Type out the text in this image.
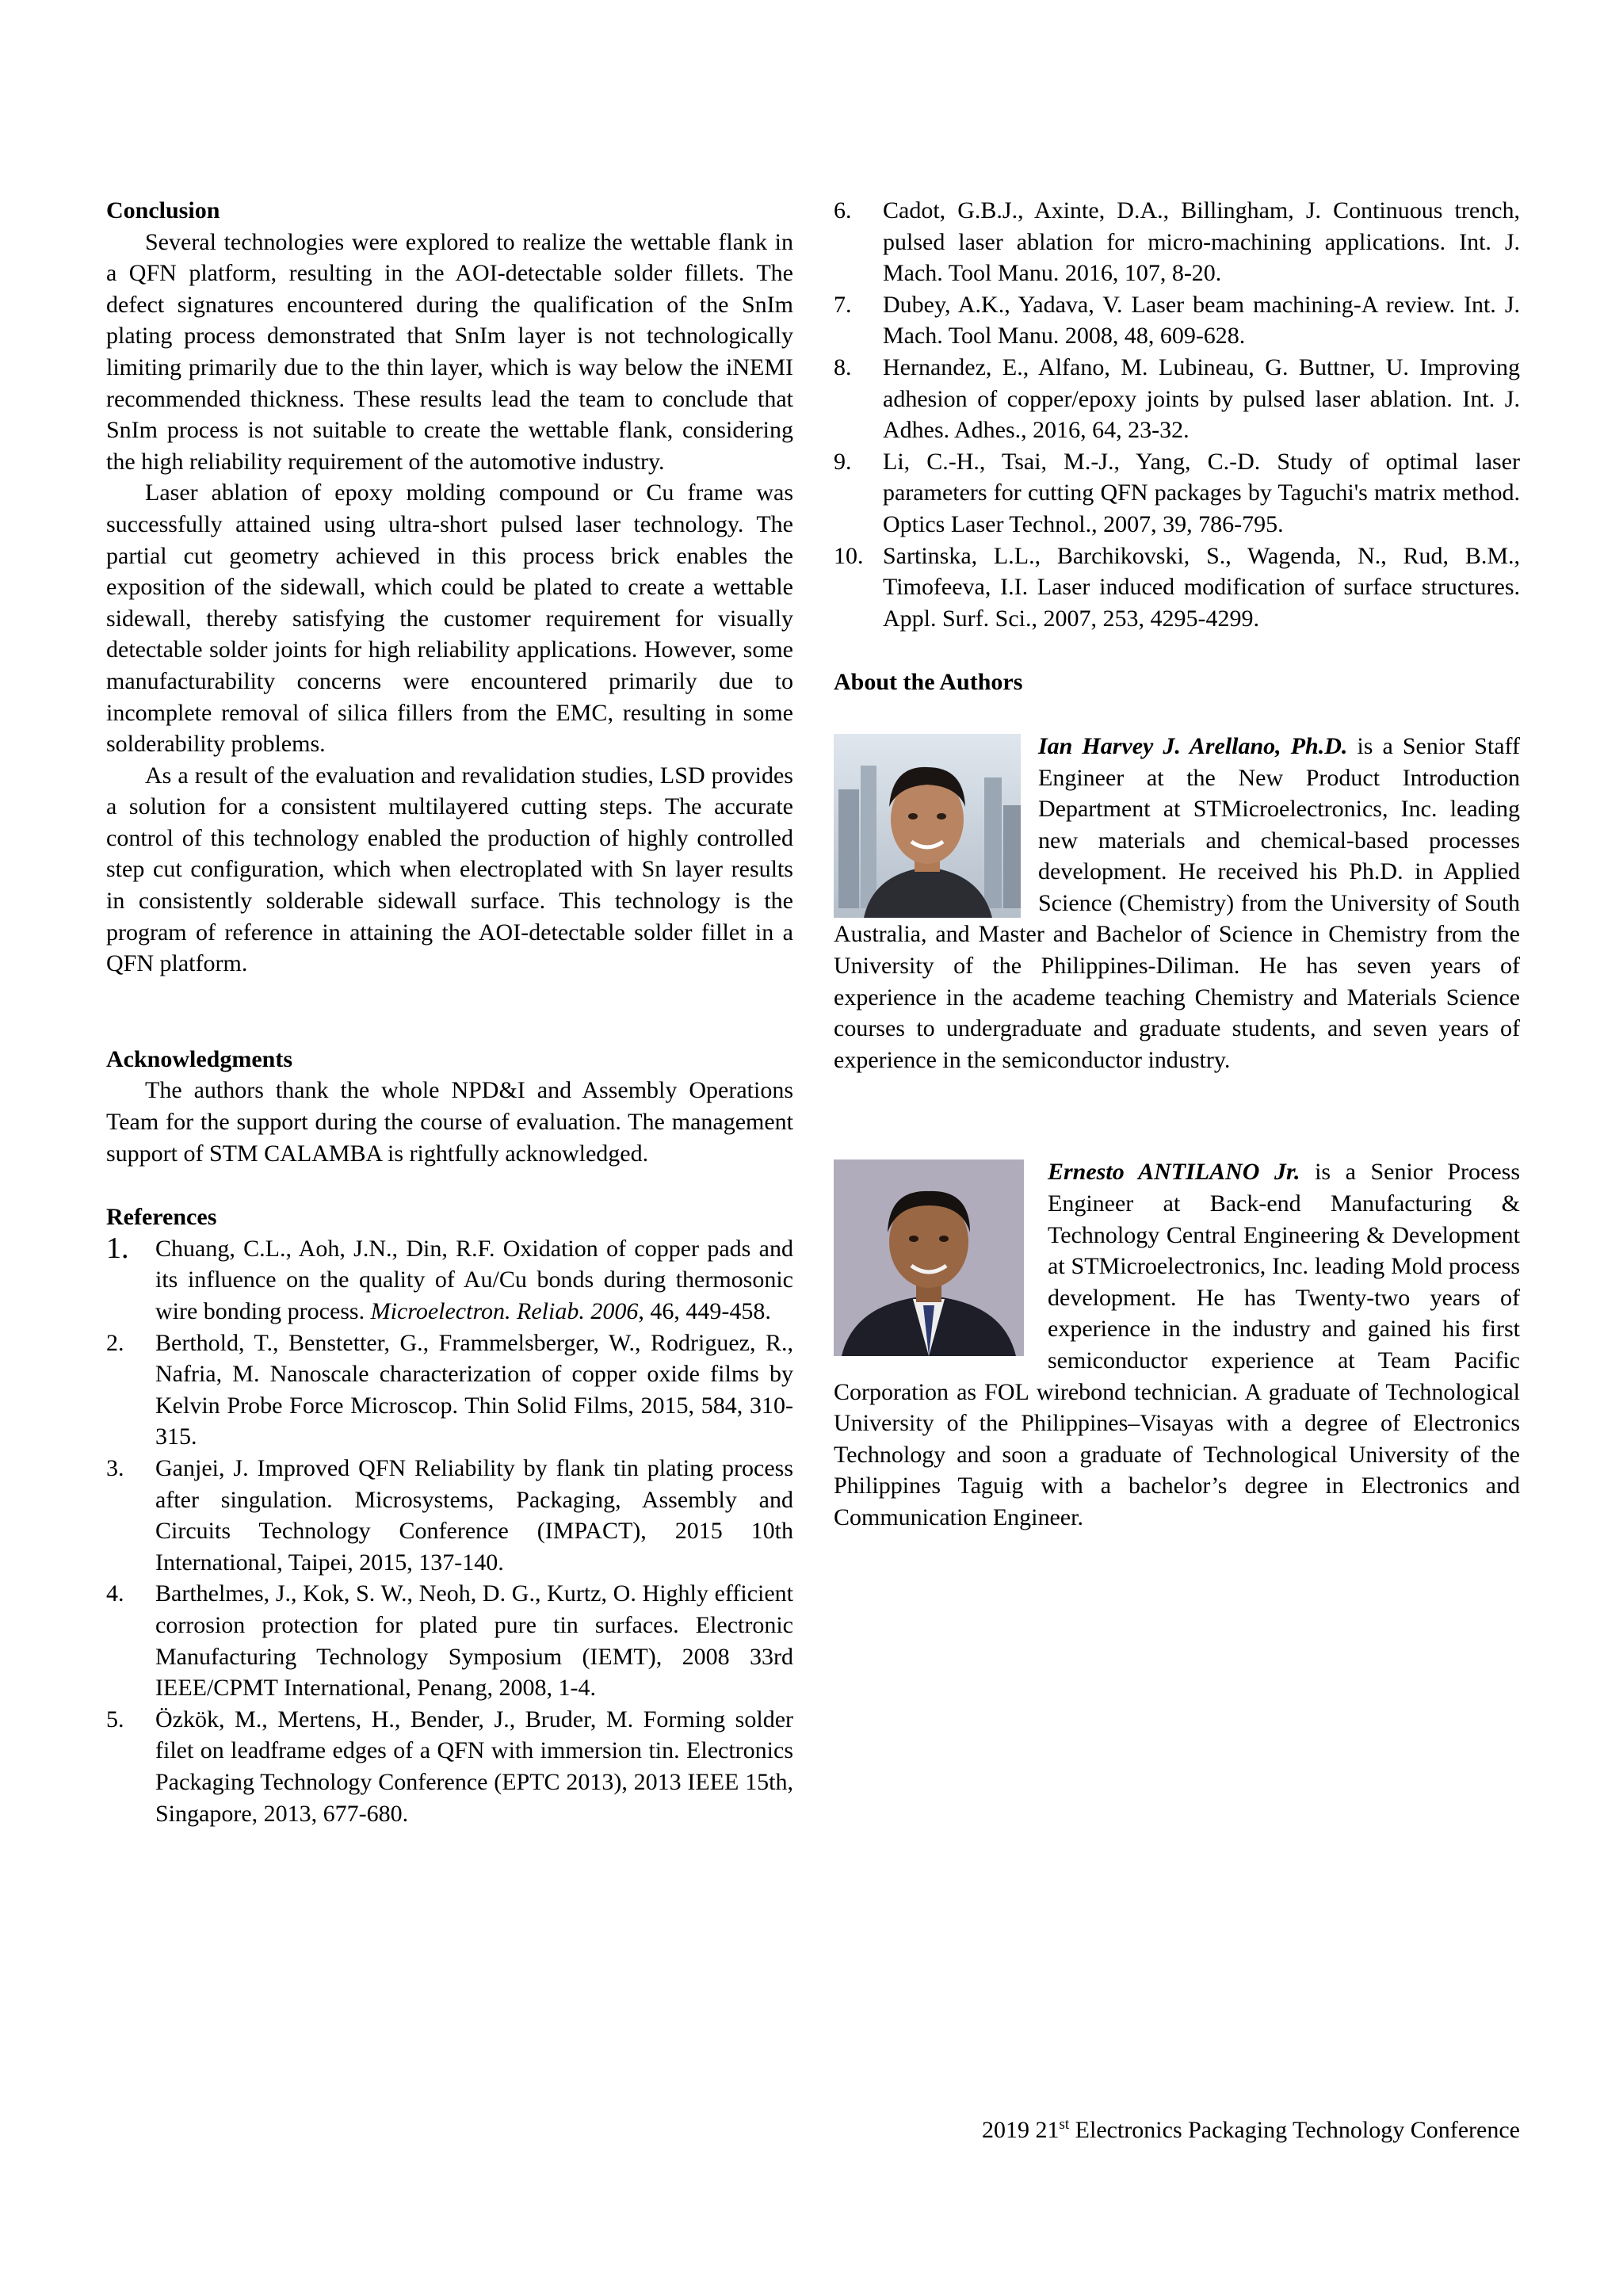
Conclusion

Several technologies were explored to realize the wettable flank in a QFN platform, resulting in the AOI-detectable solder fillets. The defect signatures encountered during the qualification of the SnIm plating process demonstrated that SnIm layer is not technologically limiting primarily due to the thin layer, which is way below the iNEMI recommended thickness. These results lead the team to conclude that SnIm process is not suitable to create the wettable flank, considering the high reliability requirement of the automotive industry.

Laser ablation of epoxy molding compound or Cu frame was successfully attained using ultra-short pulsed laser technology. The partial cut geometry achieved in this process brick enables the exposition of the sidewall, which could be plated to create a wettable sidewall, thereby satisfying the customer requirement for visually detectable solder joints for high reliability applications. However, some manufacturability concerns were encountered primarily due to incomplete removal of silica fillers from the EMC, resulting in some solderability problems.

As a result of the evaluation and revalidation studies, LSD provides a solution for a consistent multilayered cutting steps. The accurate control of this technology enabled the production of highly controlled step cut configuration, which when electroplated with Sn layer results in consistently solderable sidewall surface. This technology is the program of reference in attaining the AOI-detectable solder fillet in a QFN platform.

Acknowledgments

The authors thank the whole NPD&I and Assembly Operations Team for the support during the course of evaluation. The management support of STM CALAMBA is rightfully acknowledged.

References
1.	Chuang, C.L., Aoh, J.N., Din, R.F. Oxidation of copper pads and its influence on the quality of Au/Cu bonds during thermosonic wire bonding process. Microelectron. Reliab. 2006, 46, 449-458.
2.	Berthold, T., Benstetter, G., Frammelsberger, W., Rodriguez, R., Nafria, M. Nanoscale characterization of copper oxide films by Kelvin Probe Force Microscop. Thin Solid Films, 2015, 584, 310-315.
3.	Ganjei, J. Improved QFN Reliability by flank tin plating process after singulation. Microsystems, Packaging, Assembly and Circuits Technology Conference (IMPACT), 2015 10th International, Taipei, 2015, 137-140.
4.	Barthelmes, J., Kok, S. W., Neoh, D. G., Kurtz, O. Highly efficient corrosion protection for plated pure tin surfaces. Electronic Manufacturing Technology Symposium (IEMT), 2008 33rd IEEE/CPMT International, Penang, 2008, 1-4.
5.	Özkök, M., Mertens, H., Bender, J., Bruder, M. Forming solder filet on leadframe edges of a QFN with immersion tin. Electronics Packaging Technology Conference (EPTC 2013), 2013 IEEE 15th, Singapore, 2013, 677-680.
6.	Cadot, G.B.J., Axinte, D.A., Billingham, J. Continuous trench, pulsed laser ablation for micro-machining applications. Int. J. Mach. Tool Manu. 2016, 107, 8-20.
7.	Dubey, A.K., Yadava, V. Laser beam machining-A review. Int. J. Mach. Tool Manu. 2008, 48, 609-628.
8.	Hernandez, E., Alfano, M. Lubineau, G. Buttner, U. Improving adhesion of copper/epoxy joints by pulsed laser ablation. Int. J. Adhes. Adhes., 2016, 64, 23-32.
9.	Li, C.-H., Tsai, M.-J., Yang, C.-D. Study of optimal laser parameters for cutting QFN packages by Taguchi's matrix method. Optics Laser Technol., 2007, 39, 786-795.
10. Sartinska, L.L., Barchikovski, S., Wagenda, N., Rud, B.M., Timofeeva, I.I. Laser induced modification of surface structures. Appl. Surf. Sci., 2007, 253, 4295-4299.
About the Authors
Ian Harvey J. Arellano, Ph.D. is a Senior Staff Engineer at the New Product Introduction Department at STMicroelectronics, Inc. leading new materials and chemical-based processes development. He received his Ph.D. in Applied Science (Chemistry) from the University of South Australia, and Master and Bachelor of Science in Chemistry from the University of the Philippines-Diliman. He has seven years of experience in the academe teaching Chemistry and Materials Science courses to undergraduate and graduate students, and seven years of experience in the semiconductor industry.
Ernesto ANTILANO Jr. is a Senior Process Engineer at Back-end Manufacturing & Technology Central Engineering & Development at STMicroelectronics, Inc. leading Mold process development. He has Twenty-two years of experience in the industry and gained his first semiconductor experience at Team Pacific Corporation as FOL wirebond technician. A graduate of Technological University of the Philippines–Visayas with a degree of Electronics Technology and soon a graduate of Technological University of the Philippines Taguig with a bachelor’s degree in Electronics and Communication Engineer.
2019 21st Electronics Packaging Technology Conference
